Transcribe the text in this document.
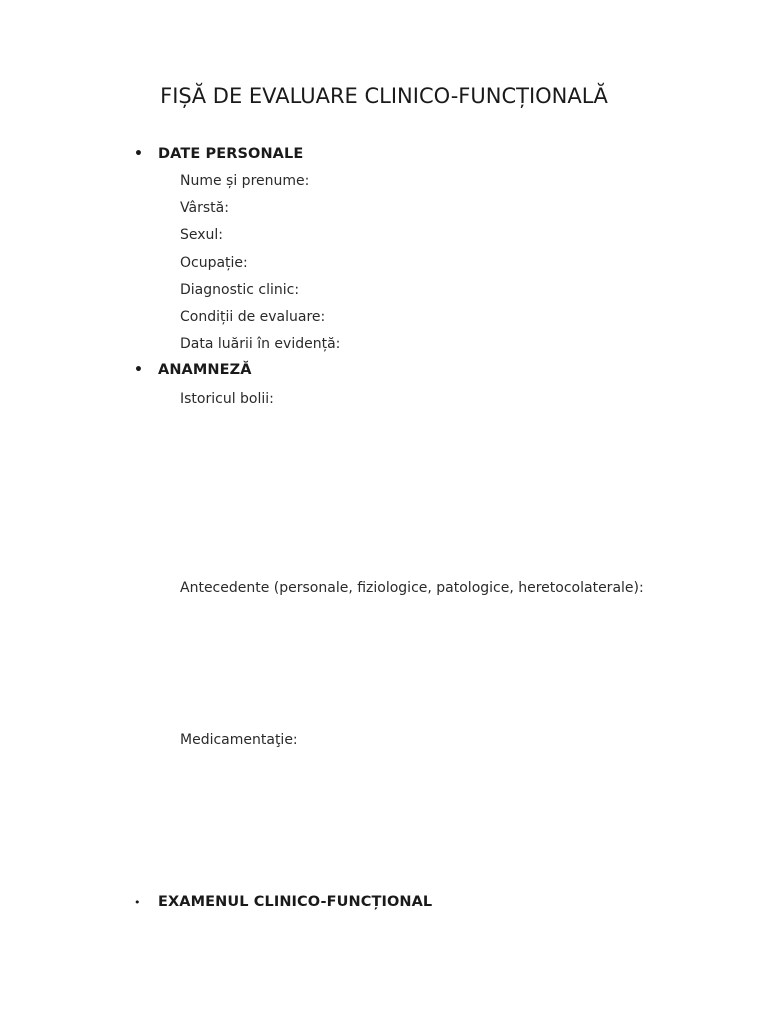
FIȘĂ DE EVALUARE CLINICO-FUNCȚIONALĂ
• DATE PERSONALE
Nume și prenume:
Vârstă:
Sexul:
Ocupație:
Diagnostic clinic:
Condiții de evaluare:
Data luării în evidență:
• ANAMNEZĂ
Istoricul bolii:
Antecedente (personale, fiziologice, patologice, heretocolaterale):
Medicamentaţie:
• EXAMENUL CLINICO-FUNCȚIONAL
